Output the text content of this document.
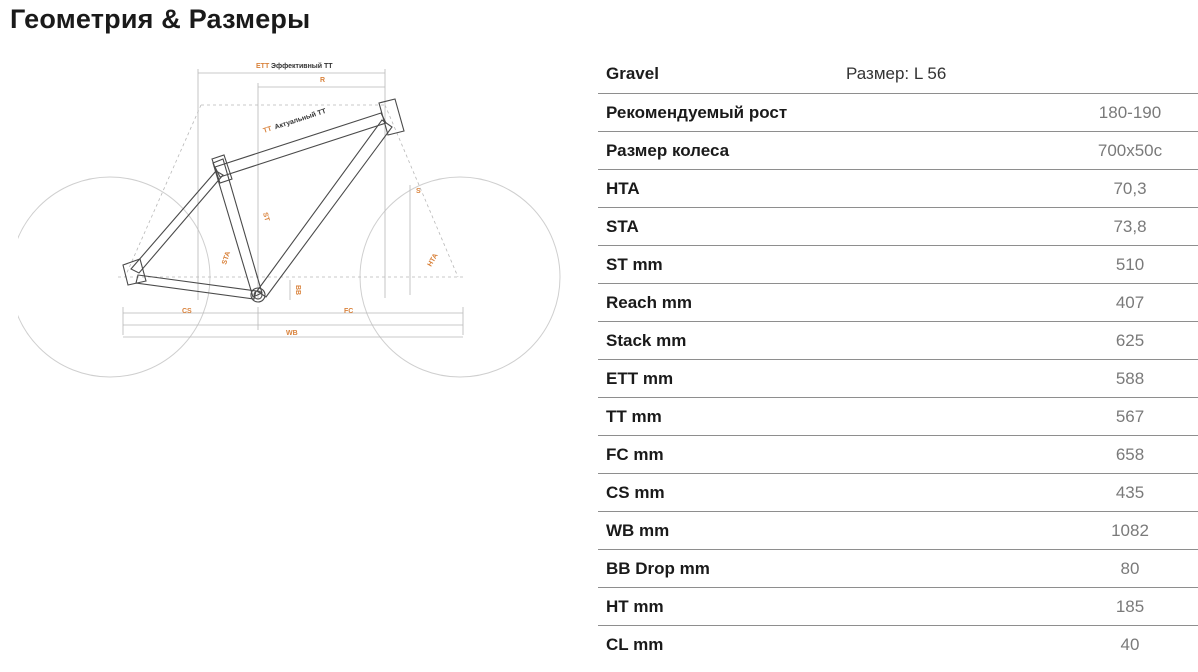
Геометрия & Размеры
ETT Эффективный TT
R
TT Актуальный TT
S
ST
STA	HTA
BB
CS	FC
WB
Gravel	Размер: L 56	
Рекомендуемый рост		180-190
Размер колеса		700x50c
HTA		70,3
STA		73,8
ST mm		510
Reach mm		407
Stack mm		625
ETT mm		588
TT mm		567
FC mm		658
CS mm		435
WB mm		1082
BB Drop mm		80
HT mm		185
CL mm		40
